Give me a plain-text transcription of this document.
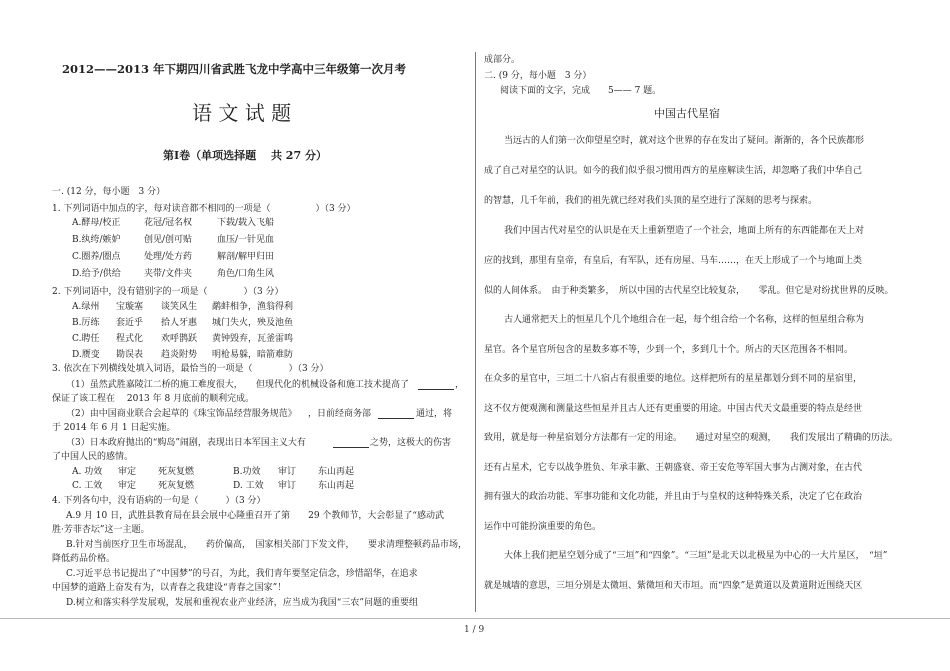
2012——2013 年下期四川省武胜飞龙中学高中三年级第一次月考
语 文 试 题
第Ⅰ卷（单项选择题　 共 27 分）
一. (12 分，每小题　3 分）
1. 下列词语中加点的字，每对读音都不相同的一项是（　　　　　）（3 分）
A.酵母/校正	花冠/冠名权	下载/载入飞船
B.纨绔/嫉妒	创见/创可贴	血压/一针见血
C.圈养/圈点	处理/处方药	解剖/解甲归田
D.给予/供给	夹带/文件夹	角色/口角生风
2. 下列词语中，没有错别字的一项是（　　　　）（3 分）
A.绿州 宝璇塞 谈笑风生 鹬蚌相争，渔翁得利
B.厉练 套近乎 拾人牙惠 城门失火，殃及池鱼
C.聘任 程式化 欢呼鹊跃 黄钟毁弃，瓦釜雷鸣
D.赝变 勘误表 趋炎附势 明枪易躲，暗箭难防
3. 依次在下列横线处填入词语，最恰当的一项是（　　　　）（3 分）
（1）虽然武胜嘉陵江二桥的施工难度很大， 但现代化的机械设备和施工技术提高了	，
保证了该工程在　 2013 年 8 月底前的顺利完成。
（2）由中国商业联合会起草的《珠宝饰品经营服务规范》 ，日前经商务部	通过，将
于 2014 年 6 月 1 日起实施。
（3）日本政府抛出的“购岛”闹剧，表现出日本军国主义大有	之势，这极大的伤害
了中国人民的感情。
A. 功效 审定 死灰复燃	B.功效 审订 东山再起
C. 工效 审定 死灰复燃	D. 工效 审订 东山再起
4. 下列各句中，没有语病的一句是（　　　）（3 分）
A.9 月 10 日，武胜县教育局在县会展中心隆重召开了第　　29 个教师节，大会彰显了“感动武
胜·芳菲杏坛”这一主题。
B.针对当前医疗卫生市场混乱，　　药价偏高，　国家相关部门下发文件，　　要求清理整顿药品市场，
降低药品价格。
C.习近平总书记提出了“中国梦”的号召，为此，我们青年要坚定信念，珍惜韶华，在追求
中国梦的道路上奋发有为，以青春之我建设“青春之国家”！
D.树立和落实科学发展观，发展和重视农业产业经济，应当成为我国“三农”问题的重要组
成部分。
二. (9 分，每小题　3 分）
阅读下面的文字，完成　　5—— 7 题。
中国古代星宿
当远古的人们第一次仰望星空时，就对这个世界的存在发出了疑问。渐渐的，各个民族都形
成了自己对星空的认识。如今的我们似乎很习惯用西方的星座解读生活，却忽略了我们中华自己
的智慧，几千年前，我们的祖先就已经对我们头顶的星空进行了深刻的思考与探索。
我们中国古代对星空的认识是在天上重新塑造了一个社会，地面上所有的东西能都在天上对
应的找到，那里有皇帝，有皇后，有军队，还有房屋、马车……，在天上形成了一个与地面上类
似的人间体系。　由于种类繁多，　所以中国的古代星空比较复杂，　　零乱。但它是对纷扰世界的反映。
古人通常把天上的恒星几个几个地组合在一起，每个组合给一个名称，这样的恒星组合称为
星官。各个星官所包含的星数多寡不等，少到一个，多到几十个。所占的天区范围各不相同。
在众多的星官中，三垣二十八宿占有很重要的地位。这样把所有的星星都划分到不同的星宿里，
这不仅方便观测和测量这些恒星并且古人还有更重要的用途。中国古代天文最重要的特点是经世
致用，就是每一种星宿划分方法都有一定的用途。　　通过对星空的观测，　　我们发展出了精确的历法。
还有占星术，它专以战争胜负、年承丰歉、王朝盛衰、帝王安危等军国大事为占测对象，在古代
拥有强大的政治功能、军事功能和文化功能，并且由于与皇权的这种特殊关系，决定了它在政治
运作中可能扮演重要的角色。
大体上我们把星空划分成了“三垣”和“四象”。“三垣”是北天以北极星为中心的一大片星区，　“垣”
就是城墙的意思，三垣分别是太微垣、紫微垣和天市垣。而“四象”是黄道以及黄道附近围绕天区
1 / 9
